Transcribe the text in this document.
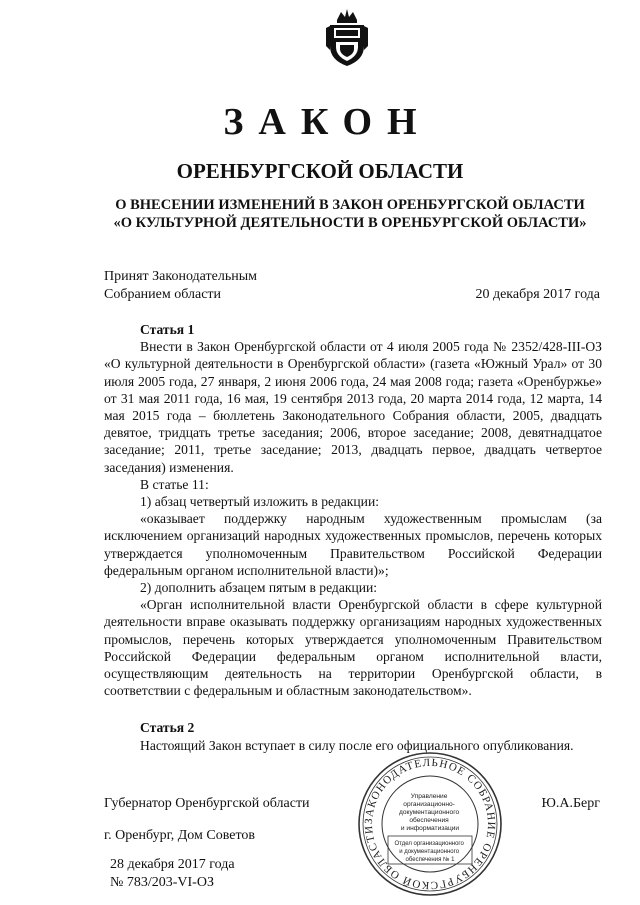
ЗАКОН
ОРЕНБУРГСКОЙ ОБЛАСТИ
О ВНЕСЕНИИ ИЗМЕНЕНИЙ В ЗАКОН ОРЕНБУРГСКОЙ ОБЛАСТИ
«О КУЛЬТУРНОЙ ДЕЯТЕЛЬНОСТИ В ОРЕНБУРГСКОЙ ОБЛАСТИ»
Принят Законодательным
Собранием области	20 декабря 2017 года

Статья 1

Внести в Закон Оренбургской области от 4 июля 2005 года № 2352/428-III-ОЗ «О культурной деятельности в Оренбургской области» (газета «Южный Урал» от 30 июля 2005 года, 27 января, 2 июня 2006 года, 24 мая 2008 года; газета «Оренбуржье» от 31 мая 2011 года, 16 мая, 19 сентября 2013 года, 20 марта 2014 года, 12 марта, 14 мая 2015 года – бюллетень Законодательного Собрания области, 2005, двадцать девятое, тридцать третье заседания; 2006, второе заседание; 2008, девятнадцатое заседание; 2011, третье заседание; 2013, двадцать первое, двадцать четвертое заседания) изменения.

В статье 11:

1) абзац четвертый изложить в редакции:

«оказывает поддержку народным художественным промыслам (за исключением организаций народных художественных промыслов, перечень которых утверждается уполномоченным Правительством Российской Федерации федеральным органом исполнительной власти)»;

2) дополнить абзацем пятым в редакции:

«Орган исполнительной власти Оренбургской области в сфере культурной деятельности вправе оказывать поддержку организациям народных художественных промыслов, перечень которых утверждается уполномоченным Правительством Российской Федерации федеральным органом исполнительной власти, осуществляющим деятельность на территории Оренбургской области, в соответствии с федеральным и областным законодательством».

Статья 2

Настоящий Закон вступает в силу после его официального опубликования.

Губернатор Оренбургской области	Ю.А.Берг
г. Оренбург, Дом Советов
28 декабря 2017 года
№ 783/203-VI-ОЗ
ЗАКОНОДАТЕЛЬНОЕ СОБРАНИЕ ОРЕНБУРГСКОЙ ОБЛАСТИ
Управление организационно- документационного обеспечения и информатизации
Отдел организационного и документационного обеспечения № 1
